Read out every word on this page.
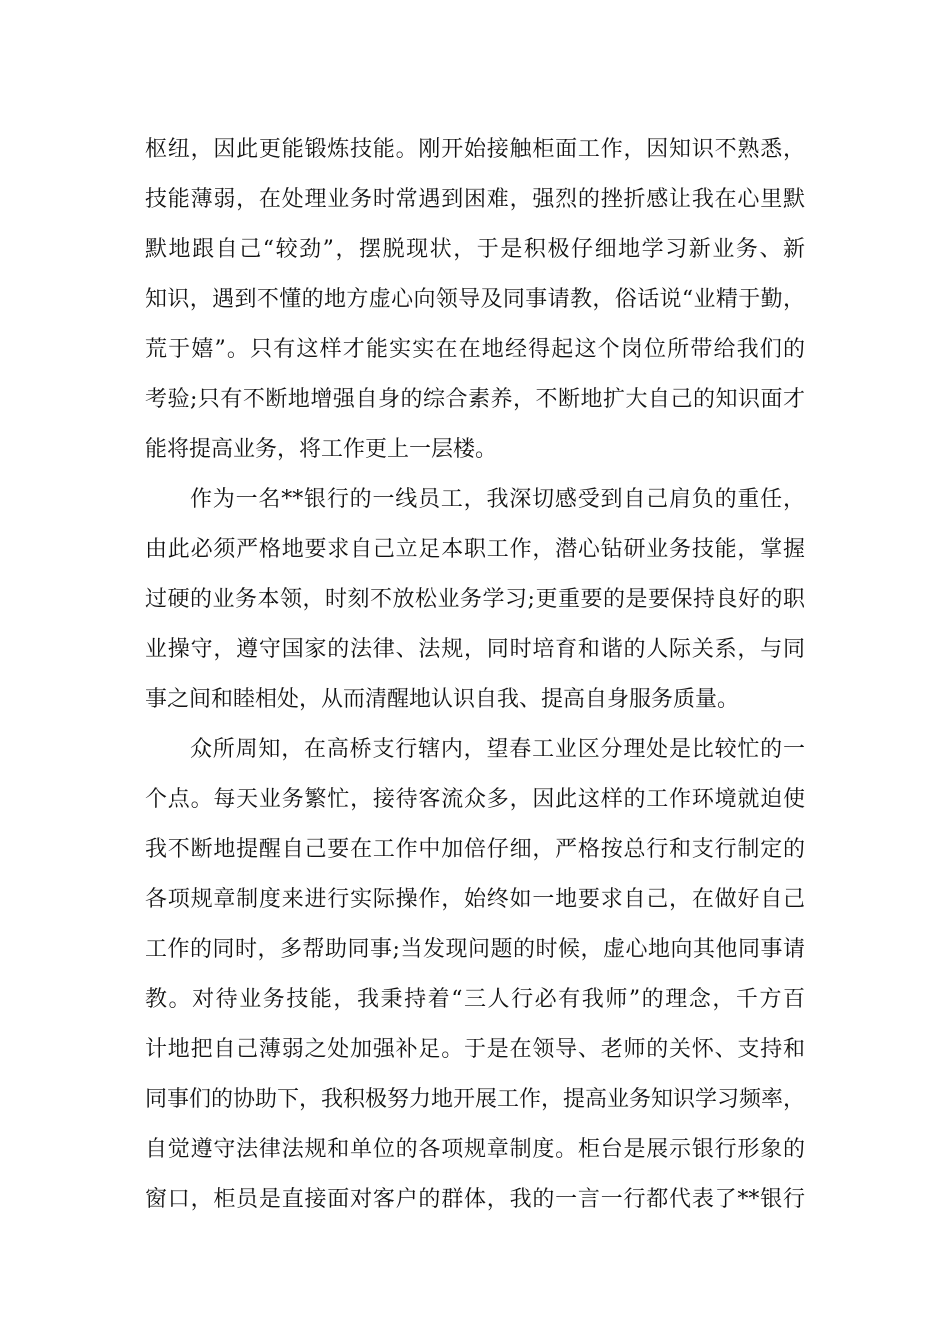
枢纽，因此更能锻炼技能。刚开始接触柜面工作，因知识不熟悉，
技能薄弱，在处理业务时常遇到困难，强烈的挫折感让我在心里默
默地跟自己“较劲”，摆脱现状，于是积极仔细地学习新业务、新
知识，遇到不懂的地方虚心向领导及同事请教，俗话说“业精于勤，
荒于嬉”。只有这样才能实实在在地经得起这个岗位所带给我们的
考验;只有不断地增强自身的综合素养，不断地扩大自己的知识面才
能将提高业务，将工作更上一层楼。
作为一名**银行的一线员工，我深切感受到自己肩负的重任，
由此必须严格地要求自己立足本职工作，潜心钻研业务技能，掌握
过硬的业务本领，时刻不放松业务学习;更重要的是要保持良好的职
业操守，遵守国家的法律、法规，同时培育和谐的人际关系，与同
事之间和睦相处，从而清醒地认识自我、提高自身服务质量。
众所周知，在高桥支行辖内，望春工业区分理处是比较忙的一
个点。每天业务繁忙，接待客流众多，因此这样的工作环境就迫使
我不断地提醒自己要在工作中加倍仔细，严格按总行和支行制定的
各项规章制度来进行实际操作，始终如一地要求自己，在做好自己
工作的同时，多帮助同事;当发现问题的时候，虚心地向其他同事请
教。对待业务技能，我秉持着“三人行必有我师”的理念，千方百
计地把自己薄弱之处加强补足。于是在领导、老师的关怀、支持和
同事们的协助下，我积极努力地开展工作，提高业务知识学习频率，
自觉遵守法律法规和单位的各项规章制度。柜台是展示银行形象的
窗口，柜员是直接面对客户的群体，我的一言一行都代表了**银行
